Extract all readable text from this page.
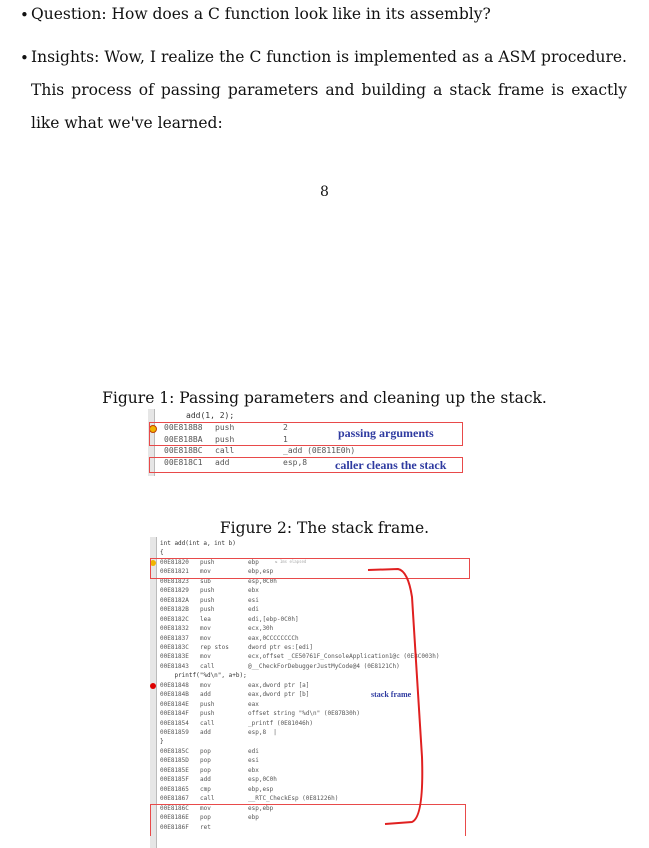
• Question: How does a C function look like in its assembly?
• Insights: Wow, I realize the C function is implemented as a ASM procedure. This process of passing parameters and building a stack frame is exactly like what we've learned:
8
Figure 1: Passing parameters and cleaning up the stack.
add(1, 2);
00E818B8 push	2
00E818BA push	1
00E818BC call	_add (0E811E0h)
00E818C1 add	esp,8
passing arguments
caller cleans the stack
Figure 2: The stack frame.
int add(int a, int b)
{
00E81820 push	ebp
00E81821 mov	ebp,esp
00E81823 sub	esp,0C0h
00E81829 push	ebx
00E8182A push	esi
00E8182B push	edi
00E8182C lea	edi,[ebp-0C0h]
00E81832 mov	ecx,30h
00E81837 mov	eax,0CCCCCCCCh
00E8183C rep stos	dword ptr es:[edi]
00E8183E mov	ecx,offset _CE50761F_ConsoleApplication1@c (0E8C003h)
00E81843 call	@__CheckForDebuggerJustMyCode@4 (0E8121Ch)
printf("%d\n", a+b);
00E81848 mov	eax,dword ptr [a]
00E8184B add	eax,dword ptr [b]
00E8184E push	eax
00E8184F push	offset string "%d\n" (0E87B30h)
00E81854 call	_printf (0E81046h)
00E81859 add	esp,8  |
}
00E8185C pop	edi
00E8185D pop	esi
00E8185E pop	ebx
00E8185F add	esp,0C0h
00E81865 cmp	ebp,esp
00E81867 call	__RTC_CheckEsp (0E81226h)
00E8186C mov	esp,ebp
00E8186E pop	ebp
00E8186F ret
≤ 1ms elapsed
stack frame
